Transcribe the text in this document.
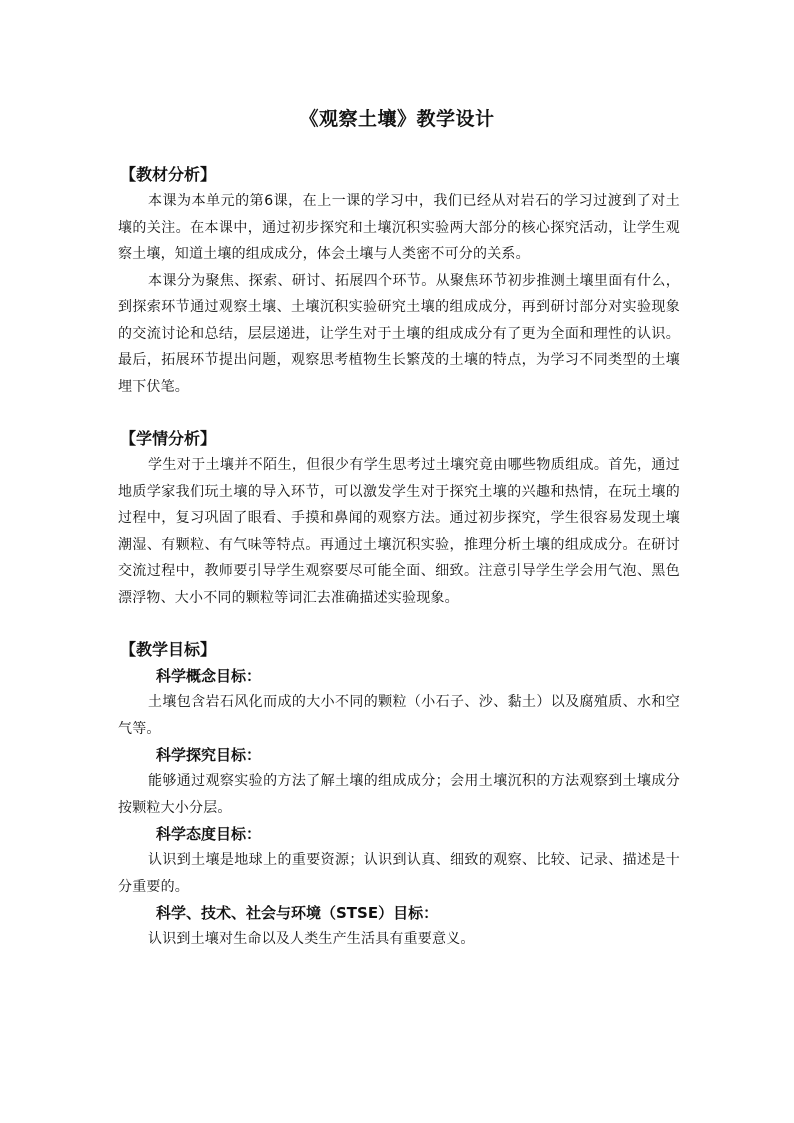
《观察土壤》教学设计
【教材分析】

本课为本单元的第6课，在上一课的学习中，我们已经从对岩石的学习过渡到了对土壤的关注。在本课中，通过初步探究和土壤沉积实验两大部分的核心探究活动，让学生观察土壤，知道土壤的组成成分，体会土壤与人类密不可分的关系。

本课分为聚焦、探索、研讨、拓展四个环节。从聚焦环节初步推测土壤里面有什么，到探索环节通过观察土壤、土壤沉积实验研究土壤的组成成分，再到研讨部分对实验现象的交流讨论和总结，层层递进，让学生对于土壤的组成成分有了更为全面和理性的认识。最后，拓展环节提出问题，观察思考植物生长繁茂的土壤的特点，为学习不同类型的土壤埋下伏笔。

【学情分析】

学生对于土壤并不陌生，但很少有学生思考过土壤究竟由哪些物质组成。首先，通过地质学家我们玩土壤的导入环节，可以激发学生对于探究土壤的兴趣和热情，在玩土壤的过程中，复习巩固了眼看、手摸和鼻闻的观察方法。通过初步探究，学生很容易发现土壤潮湿、有颗粒、有气味等特点。再通过土壤沉积实验，推理分析土壤的组成成分。在研讨交流过程中，教师要引导学生观察要尽可能全面、细致。注意引导学生学会用气泡、黑色漂浮物、大小不同的颗粒等词汇去准确描述实验现象。

【教学目标】
科学概念目标：

土壤包含岩石风化而成的大小不同的颗粒（小石子、沙、黏土）以及腐殖质、水和空气等。

科学探究目标：

能够通过观察实验的方法了解土壤的组成成分；会用土壤沉积的方法观察到土壤成分按颗粒大小分层。

科学态度目标：

认识到土壤是地球上的重要资源；认识到认真、细致的观察、比较、记录、描述是十分重要的。

科学、技术、社会与环境（STSE）目标：

认识到土壤对生命以及人类生产生活具有重要意义。
